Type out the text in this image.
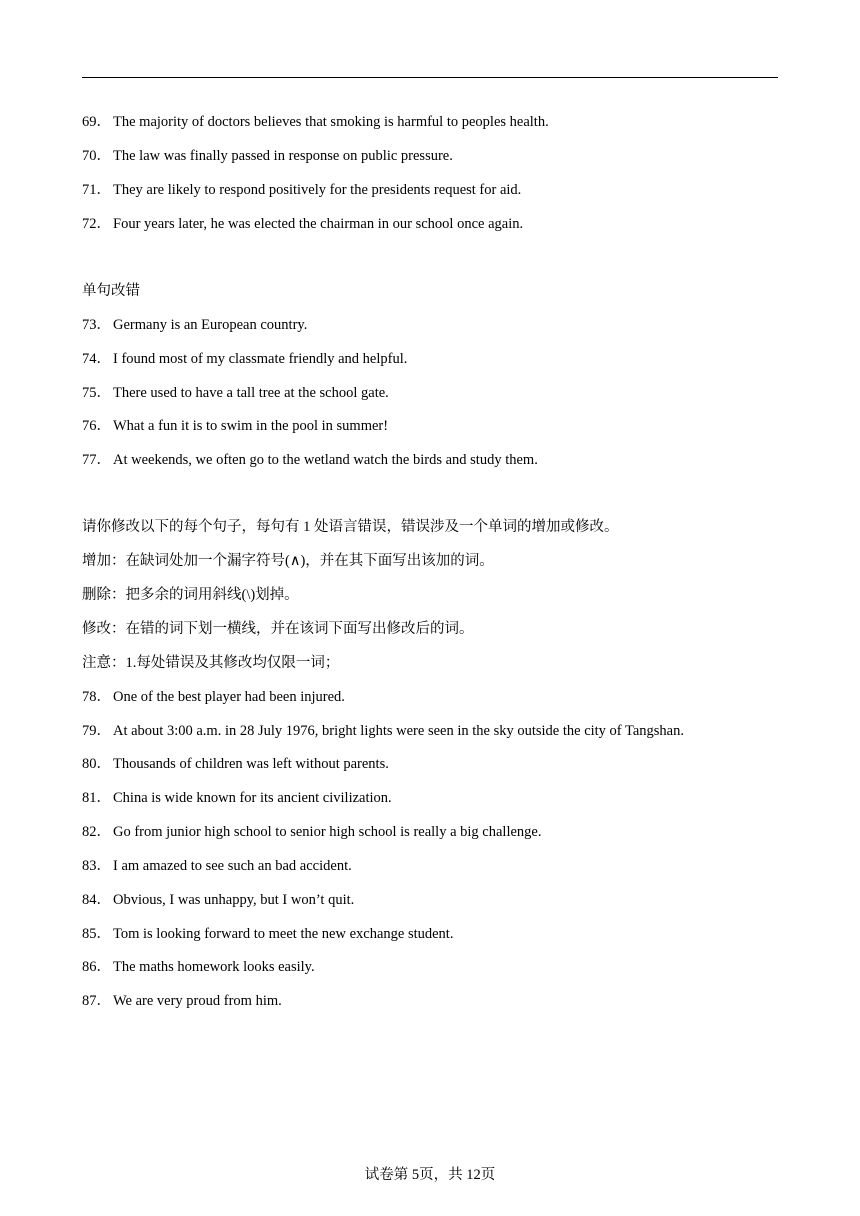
69． The majority of doctors believes that smoking is harmful to peoples health.
70． The law was finally passed in response on public pressure.
71． They are likely to respond positively for the presidents request for aid.
72． Four years later, he was elected the chairman in our school once again.
单句改错
73． Germany is an European country.
74． I found most of my classmate friendly and helpful.
75． There used to have a tall tree at the school gate.
76． What a fun it is to swim in the pool in summer!
77． At weekends, we often go to the wetland watch the birds and study them.
请你修改以下的每个句子，每句有 1 处语言错误，错误涉及一个单词的增加或修改。
增加：在缺词处加一个漏字符号(∧)，并在其下面写出该加的词。
删除：把多余的词用斜线(\)划掉。
修改：在错的词下划一横线，并在该词下面写出修改后的词。
注意：1.每处错误及其修改均仅限一词；
78． One of the best player had been injured.
79． At about 3:00 a.m. in 28 July 1976, bright lights were seen in the sky outside the city of Tangshan.
80． Thousands of children was left without parents.
81． China is wide known for its ancient civilization.
82． Go from junior high school to senior high school is really a big challenge.
83． I am amazed to see such an bad accident.
84． Obvious, I was unhappy, but I won’t quit.
85． Tom is looking forward to meet the new exchange student.
86． The maths homework looks easily.
87． We are very proud from him.
试卷第 5页，共 12页
